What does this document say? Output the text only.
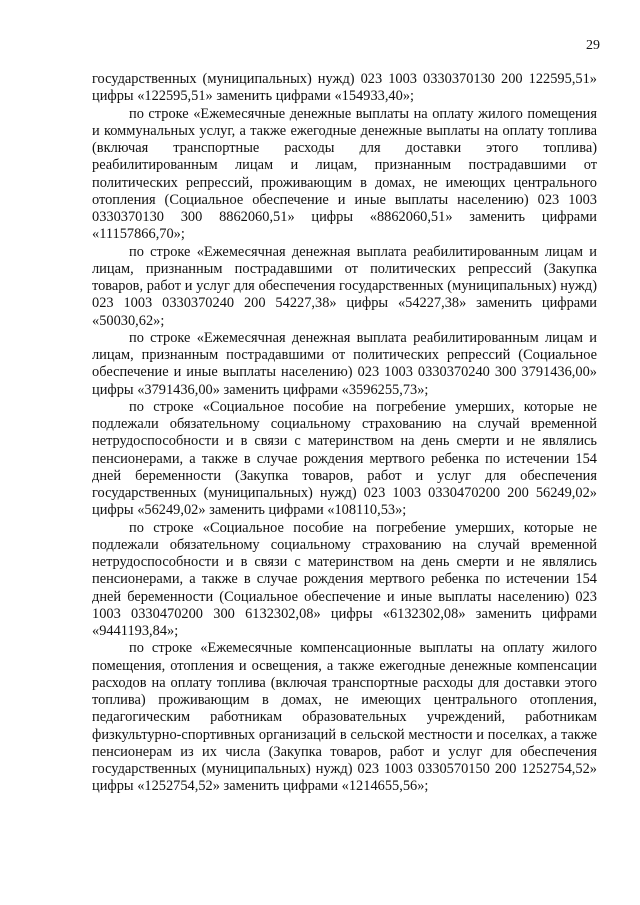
29

государственных (муниципальных) нужд) 023 1003 0330370130 200 122595,51» цифры «122595,51» заменить цифрами «154933,40»;

по строке «Ежемесячные денежные выплаты на оплату жилого помещения и коммунальных услуг, а также ежегодные денежные выплаты на оплату топлива (включая транспортные расходы для доставки этого топлива) реабилитированным лицам и лицам, признанным пострадавшими от политических репрессий, проживающим в домах, не имеющих центрального отопления (Социальное обеспечение и иные выплаты населению) 023 1003 0330370130 300 8862060,51» цифры «8862060,51» заменить цифрами «11157866,70»;

по строке «Ежемесячная денежная выплата реабилитированным лицам и лицам, признанным пострадавшими от политических репрессий (Закупка товаров, работ и услуг для обеспечения государственных (муниципальных) нужд) 023 1003 0330370240 200 54227,38» цифры «54227,38» заменить цифрами «50030,62»;

по строке «Ежемесячная денежная выплата реабилитированным лицам и лицам, признанным пострадавшими от политических репрессий (Социальное обеспечение и иные выплаты населению) 023 1003 0330370240 300 3791436,00» цифры «3791436,00» заменить цифрами «3596255,73»;

по строке «Социальное пособие на погребение умерших, которые не подлежали обязательному социальному страхованию на случай временной нетрудоспособности и в связи с материнством на день смерти и не являлись пенсионерами, а также в случае рождения мертвого ребенка по истечении 154 дней беременности (Закупка товаров, работ и услуг для обеспечения государственных (муниципальных) нужд) 023 1003 0330470200 200 56249,02» цифры «56249,02» заменить цифрами «108110,53»;

по строке «Социальное пособие на погребение умерших, которые не подлежали обязательному социальному страхованию на случай временной нетрудоспособности и в связи с материнством на день смерти и не являлись пенсионерами, а также в случае рождения мертвого ребенка по истечении 154 дней беременности (Социальное обеспечение и иные выплаты населению) 023 1003 0330470200 300 6132302,08» цифры «6132302,08» заменить цифрами «9441193,84»;

по строке «Ежемесячные компенсационные выплаты на оплату жилого помещения, отопления и освещения, а также ежегодные денежные компенсации расходов на оплату топлива (включая транспортные расходы для доставки этого топлива) проживающим в домах, не имеющих центрального отопления, педагогическим работникам образовательных учреждений, работникам физкультурно-спортивных организаций в сельской местности и поселках, а также пенсионерам из их числа (Закупка товаров, работ и услуг для обеспечения государственных (муниципальных) нужд) 023 1003 0330570150 200 1252754,52» цифры «1252754,52» заменить цифрами «1214655,56»;
